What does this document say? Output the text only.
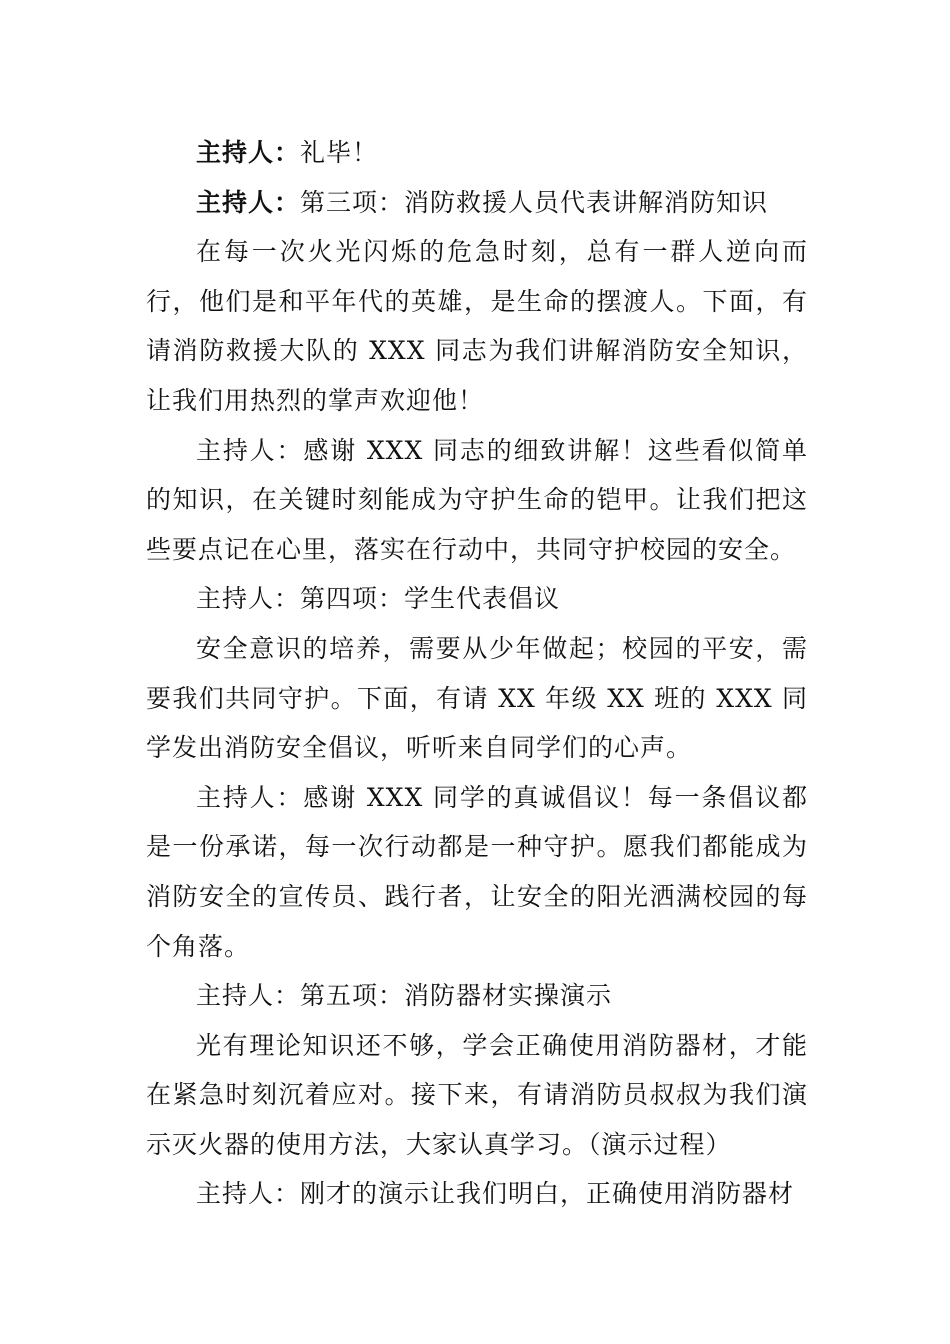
主持人：礼毕！

主持人：第三项：消防救援人员代表讲解消防知识

在每一次火光闪烁的危急时刻，总有一群人逆向而行，他们是和平年代的英雄，是生命的摆渡人。下面，有请消防救援大队的 XXX 同志为我们讲解消防安全知识，让我们用热烈的掌声欢迎他！

主持人：感谢 XXX 同志的细致讲解！这些看似简单的知识，在关键时刻能成为守护生命的铠甲。让我们把这些要点记在心里，落实在行动中，共同守护校园的安全。

主持人：第四项：学生代表倡议

安全意识的培养，需要从少年做起；校园的平安，需要我们共同守护。下面，有请 XX 年级 XX 班的 XXX 同学发出消防安全倡议，听听来自同学们的心声。

主持人：感谢 XXX 同学的真诚倡议！每一条倡议都是一份承诺，每一次行动都是一种守护。愿我们都能成为消防安全的宣传员、践行者，让安全的阳光洒满校园的每个角落。

主持人：第五项：消防器材实操演示

光有理论知识还不够，学会正确使用消防器材，才能在紧急时刻沉着应对。接下来，有请消防员叔叔为我们演示灭火器的使用方法，大家认真学习。（演示过程）

主持人：刚才的演示让我们明白，正确使用消防器材
